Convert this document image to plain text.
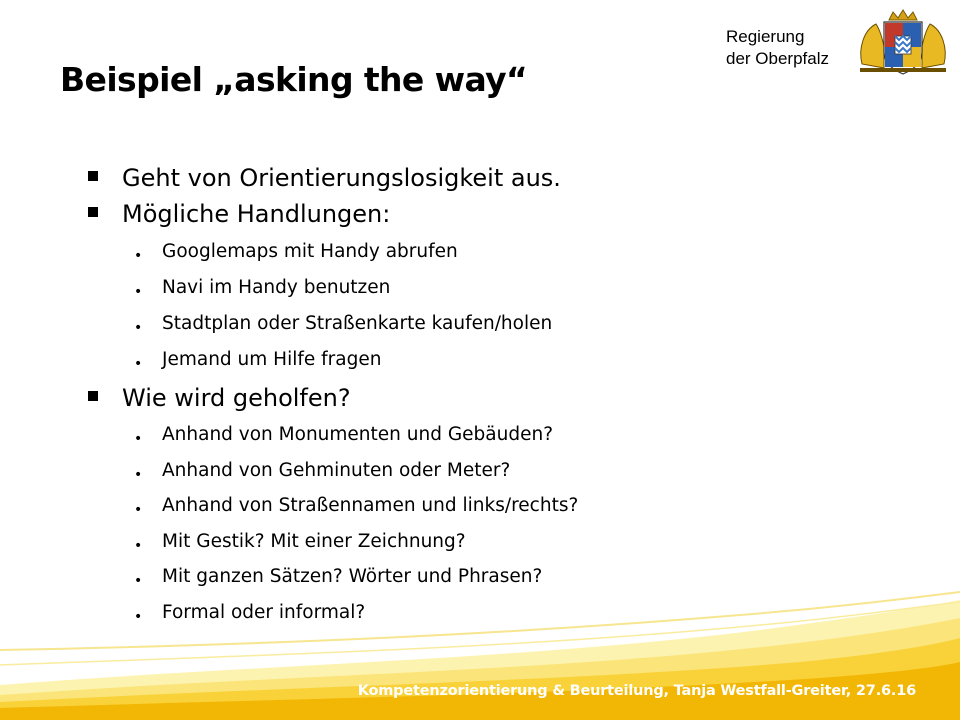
Beispiel „asking the way“
Regierung
der Oberpfalz
Geht von Orientierungslosigkeit aus.
Mögliche Handlungen:
• Googlemaps mit Handy abrufen
• Navi im Handy benutzen
• Stadtplan oder Straßenkarte kaufen/holen
• Jemand um Hilfe fragen
Wie wird geholfen?
• Anhand von Monumenten und Gebäuden?
• Anhand von Gehminuten oder Meter?
• Anhand von Straßennamen und links/rechts?
• Mit Gestik? Mit einer Zeichnung?
• Mit ganzen Sätzen? Wörter und Phrasen?
• Formal oder informal?
Kompetenzorientierung & Beurteilung, Tanja Westfall-Greiter, 27.6.16
